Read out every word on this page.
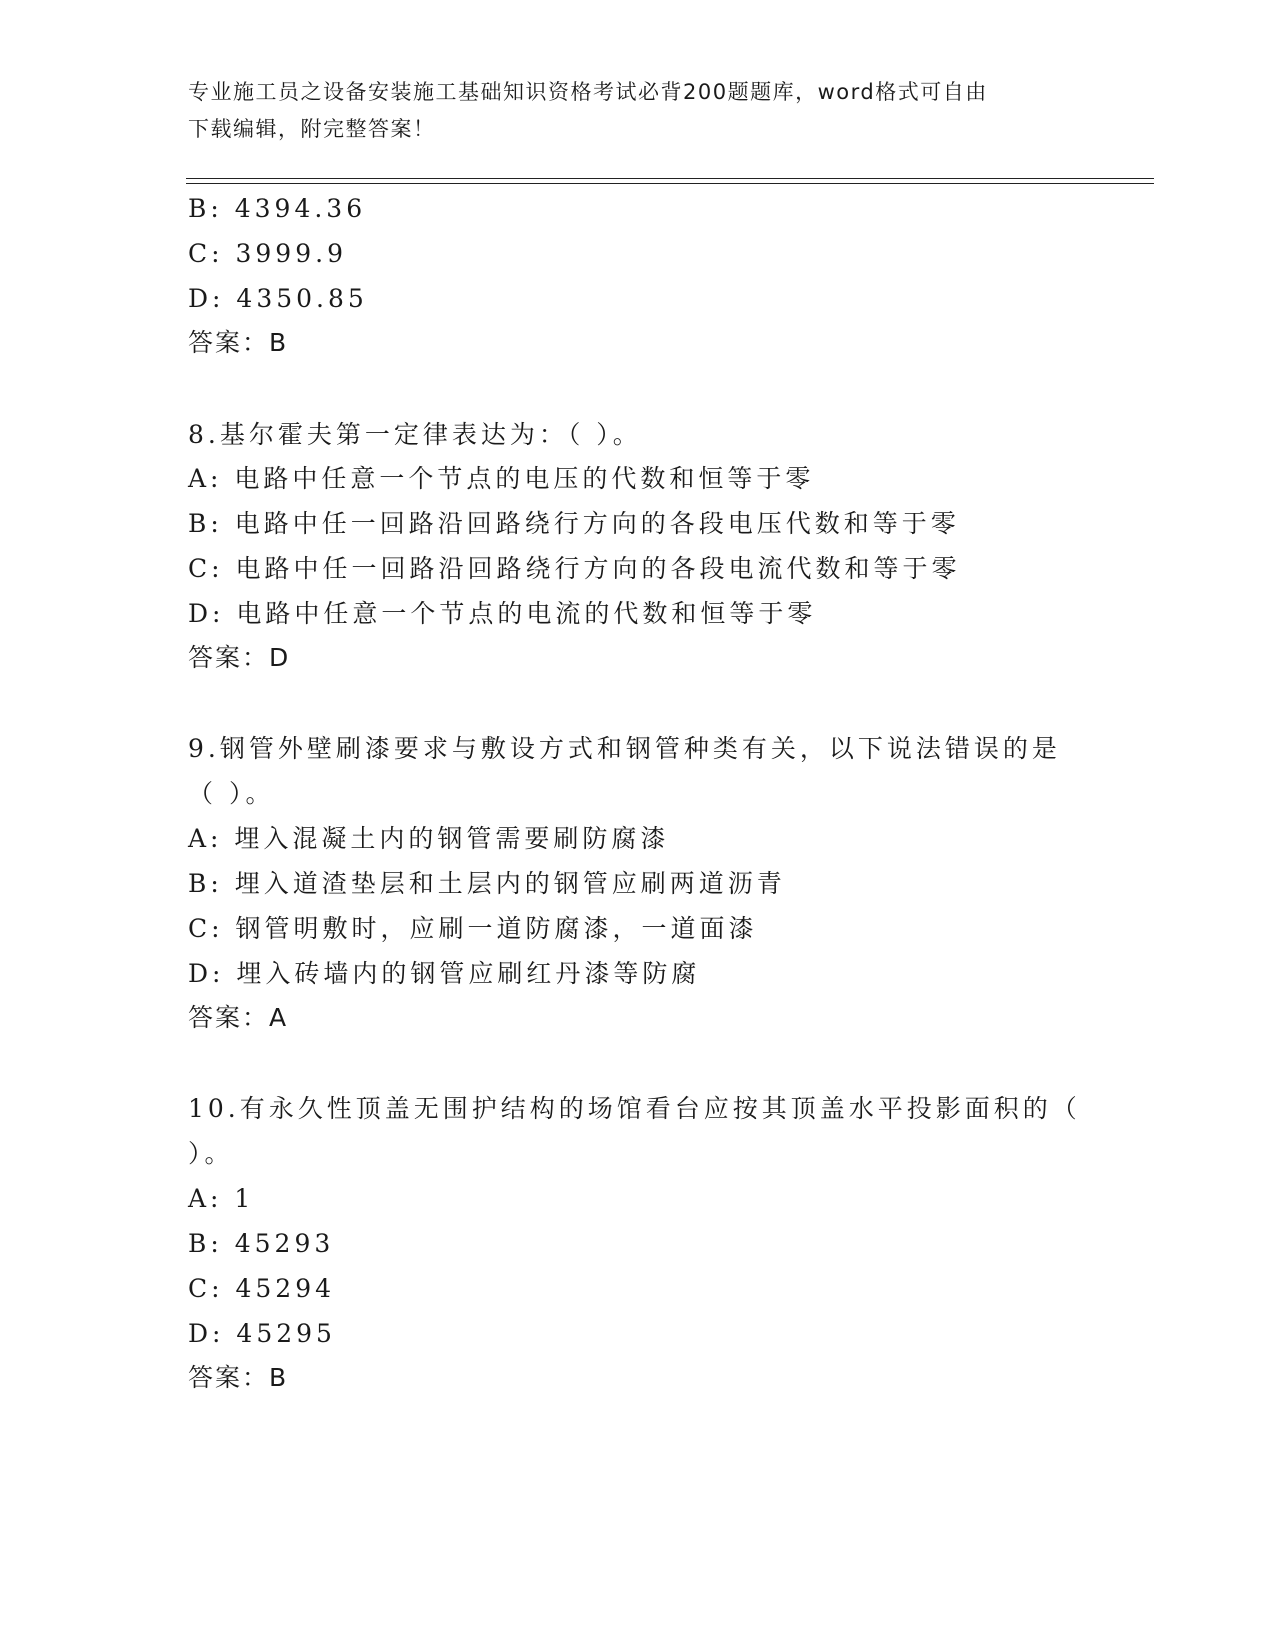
专业施工员之设备安装施工基础知识资格考试必背200题题库，word格式可自由
下载编辑，附完整答案！
B: 4394.36
C: 3999.9
D: 4350.85
答案：B
8.基尔霍夫第一定律表达为：（ ）。
A: 电路中任意一个节点的电压的代数和恒等于零
B: 电路中任一回路沿回路绕行方向的各段电压代数和等于零
C: 电路中任一回路沿回路绕行方向的各段电流代数和等于零
D: 电路中任意一个节点的电流的代数和恒等于零
答案：D
9.钢管外壁刷漆要求与敷设方式和钢管种类有关，以下说法错误的是
（ ）。
A: 埋入混凝土内的钢管需要刷防腐漆
B: 埋入道渣垫层和土层内的钢管应刷两道沥青
C: 钢管明敷时，应刷一道防腐漆，一道面漆
D: 埋入砖墙内的钢管应刷红丹漆等防腐
答案：A
10.有永久性顶盖无围护结构的场馆看台应按其顶盖水平投影面积的（
）。
A: 1
B: 45293
C: 45294
D: 45295
答案：B
